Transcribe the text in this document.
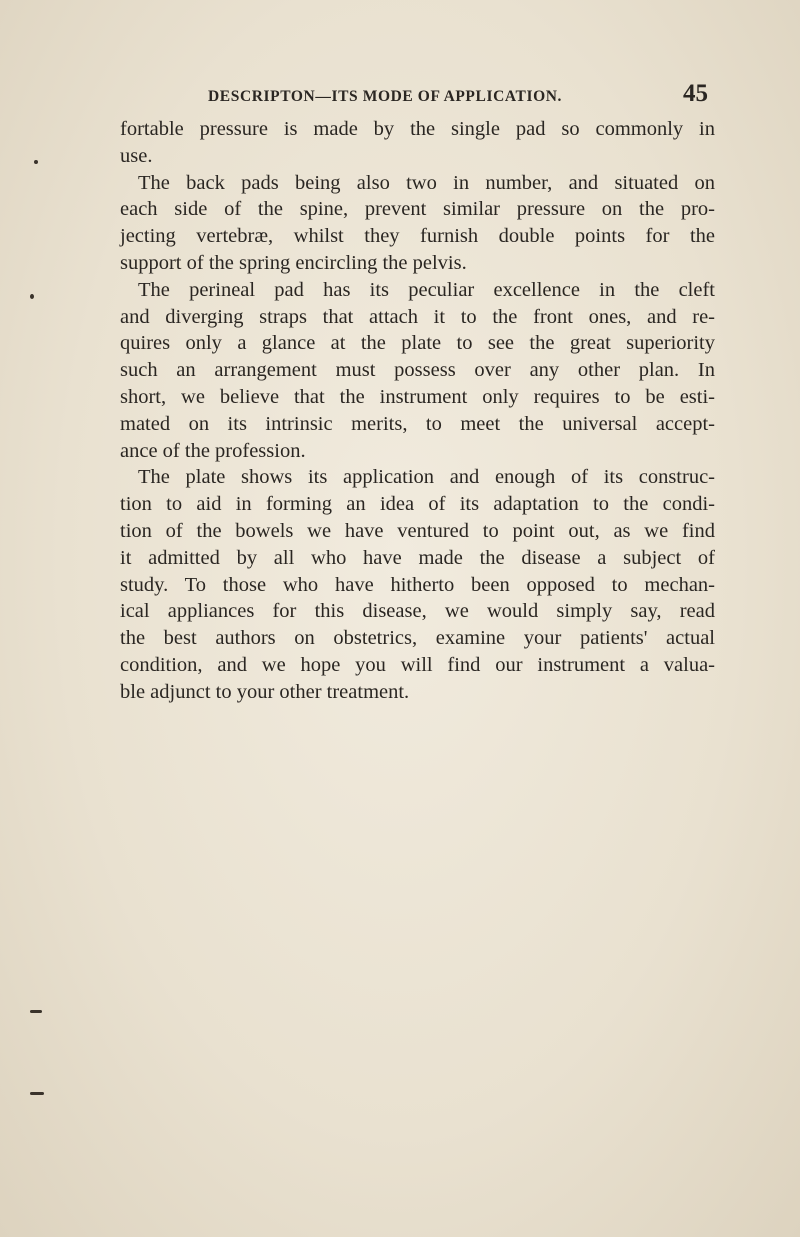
DESCRIPTON—ITS MODE OF APPLICATION.	45
fortable pressure is made by the single pad so commonly in
use.
The back pads being also two in number, and situated on
each side of the spine, prevent similar pressure on the pro-
jecting vertebræ, whilst they furnish double points for the
support of the spring encircling the pelvis.
The perineal pad has its peculiar excellence in the cleft
and diverging straps that attach it to the front ones, and re-
quires only a glance at the plate to see the great superiority
such an arrangement must possess over any other plan. In
short, we believe that the instrument only requires to be esti-
mated on its intrinsic merits, to meet the universal accept-
ance of the profession.
The plate shows its application and enough of its construc-
tion to aid in forming an idea of its adaptation to the condi-
tion of the bowels we have ventured to point out, as we find
it admitted by all who have made the disease a subject of
study. To those who have hitherto been opposed to mechan-
ical appliances for this disease, we would simply say, read
the best authors on obstetrics, examine your patients' actual
condition, and we hope you will find our instrument a valua-
ble adjunct to your other treatment.
